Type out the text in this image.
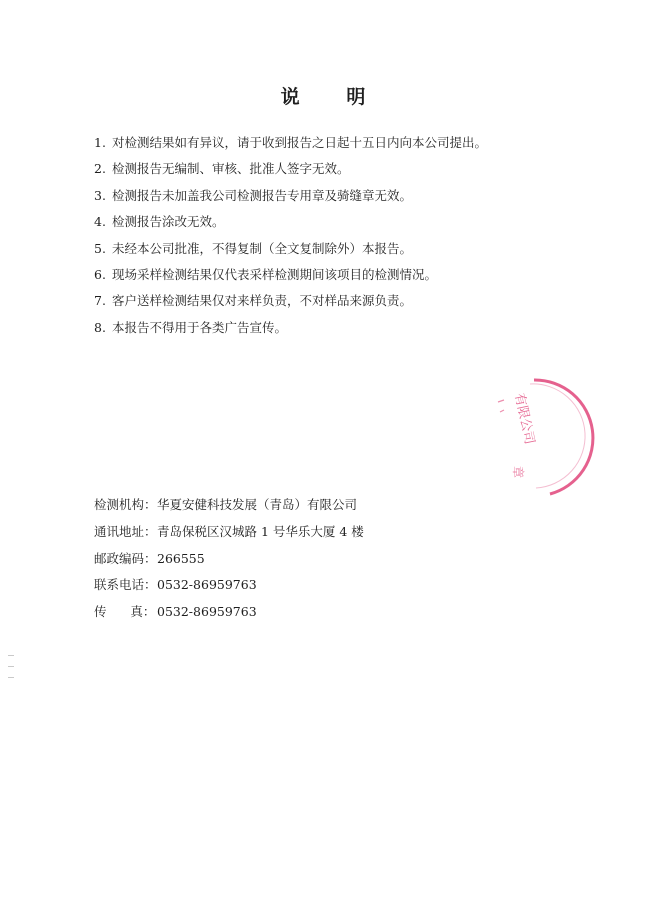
说      明
1. 对检测结果如有异议，请于收到报告之日起十五日内向本公司提出。
2. 检测报告无编制、审核、批准人签字无效。
3. 检测报告未加盖我公司检测报告专用章及骑缝章无效。
4. 检测报告涂改无效。
5. 未经本公司批准，不得复制（全文复制除外）本报告。
6. 现场采样检测结果仅代表采样检测期间该项目的检测情况。
7. 客户送样检测结果仅对来样负责，不对样品来源负责。
8. 本报告不得用于各类广告宣传。
有限公司
章
检测机构：华夏安健科技发展（青岛）有限公司
通讯地址：青岛保税区汉城路 1 号华乐大厦 4 楼
邮政编码：266555
联系电话：0532-86959763
传      真： 0532-86959763
